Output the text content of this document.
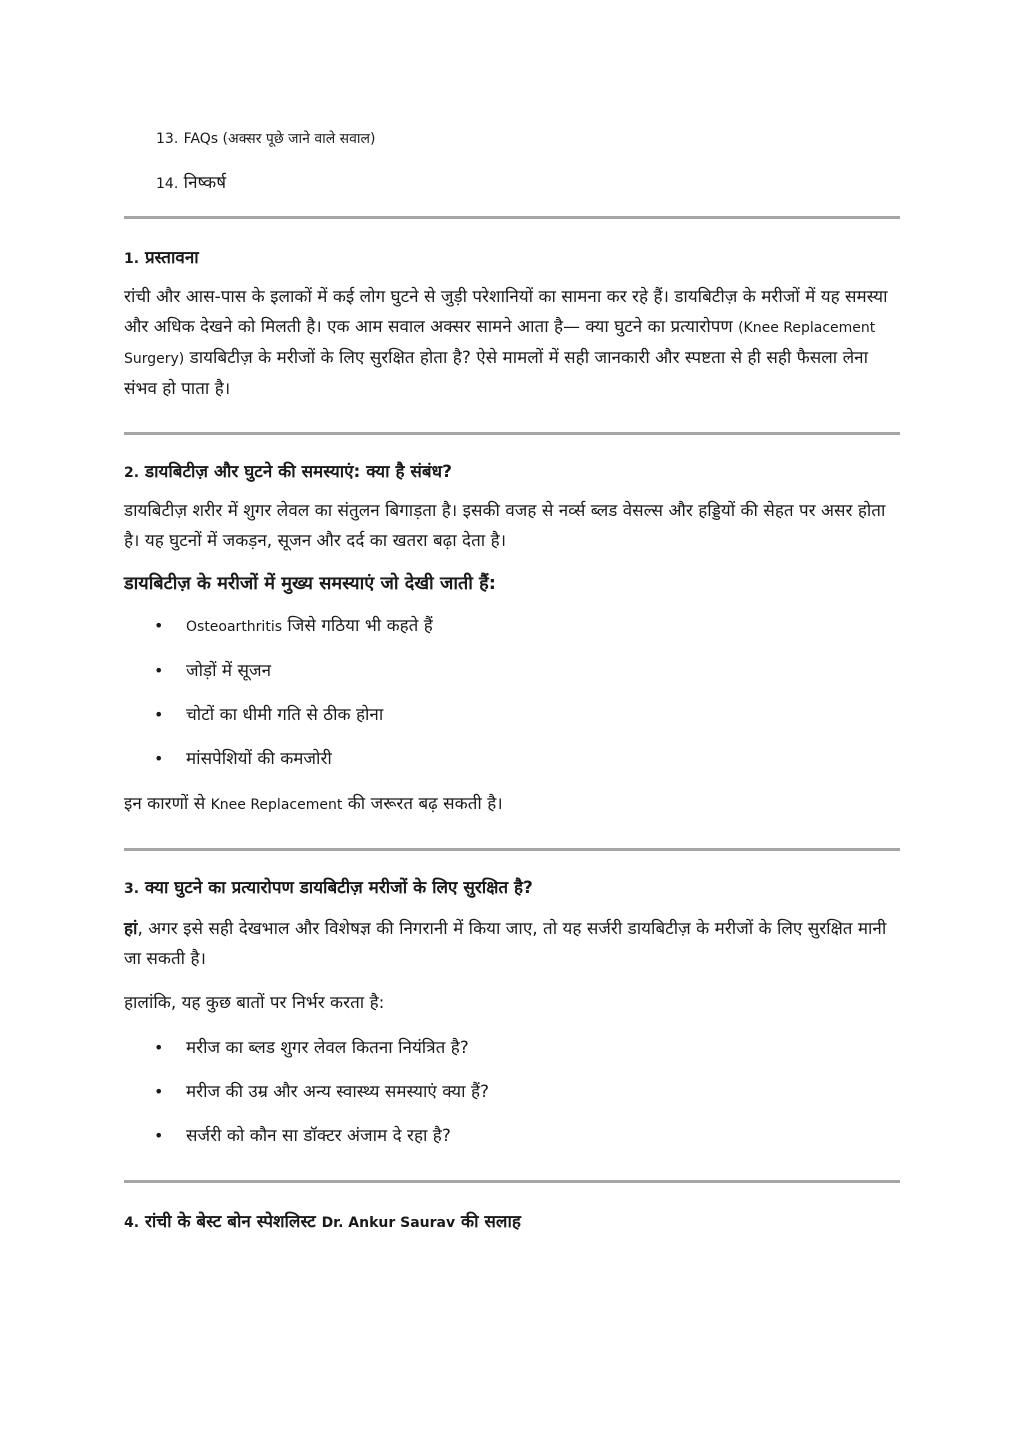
13. FAQs (अक्सर पूछे जाने वाले सवाल)
14. निष्कर्ष
1. प्रस्तावना

रांची और आस-पास के इलाकों में कई लोग घुटने से जुड़ी परेशानियों का सामना कर रहे हैं। डायबिटीज़ के मरीजों में यह समस्या और अधिक देखने को मिलती है। एक आम सवाल अक्सर सामने आता है— क्या घुटने का प्रत्यारोपण (Knee Replacement Surgery) डायबिटीज़ के मरीजों के लिए सुरक्षित होता है? ऐसे मामलों में सही जानकारी और स्पष्टता से ही सही फैसला लेना संभव हो पाता है।

2. डायबिटीज़ और घुटने की समस्याएं: क्या है संबंध?

डायबिटीज़ शरीर में शुगर लेवल का संतुलन बिगाड़ता है। इसकी वजह से नर्व्स ब्लड वेसल्स और हड्डियों की सेहत पर असर होता है। यह घुटनों में जकड़न, सूजन और दर्द का खतरा बढ़ा देता है।

डायबिटीज़ के मरीजों में मुख्य समस्याएं जो देखी जाती हैं:

• Osteoarthritis जिसे गठिया भी कहते हैं
• जोड़ों में सूजन
• चोटों का धीमी गति से ठीक होना
• मांसपेशियों की कमजोरी

इन कारणों से Knee Replacement की जरूरत बढ़ सकती है।

3. क्या घुटने का प्रत्यारोपण डायबिटीज़ मरीजों के लिए सुरक्षित है?

हां, अगर इसे सही देखभाल और विशेषज्ञ की निगरानी में किया जाए, तो यह सर्जरी डायबिटीज़ के मरीजों के लिए सुरक्षित मानी जा सकती है।

हालांकि, यह कुछ बातों पर निर्भर करता है:

• मरीज का ब्लड शुगर लेवल कितना नियंत्रित है?
• मरीज की उम्र और अन्य स्वास्थ्य समस्याएं क्या हैं?
• सर्जरी को कौन सा डॉक्टर अंजाम दे रहा है?
4. रांची के बेस्ट बोन स्पेशलिस्ट Dr. Ankur Saurav की सलाह
